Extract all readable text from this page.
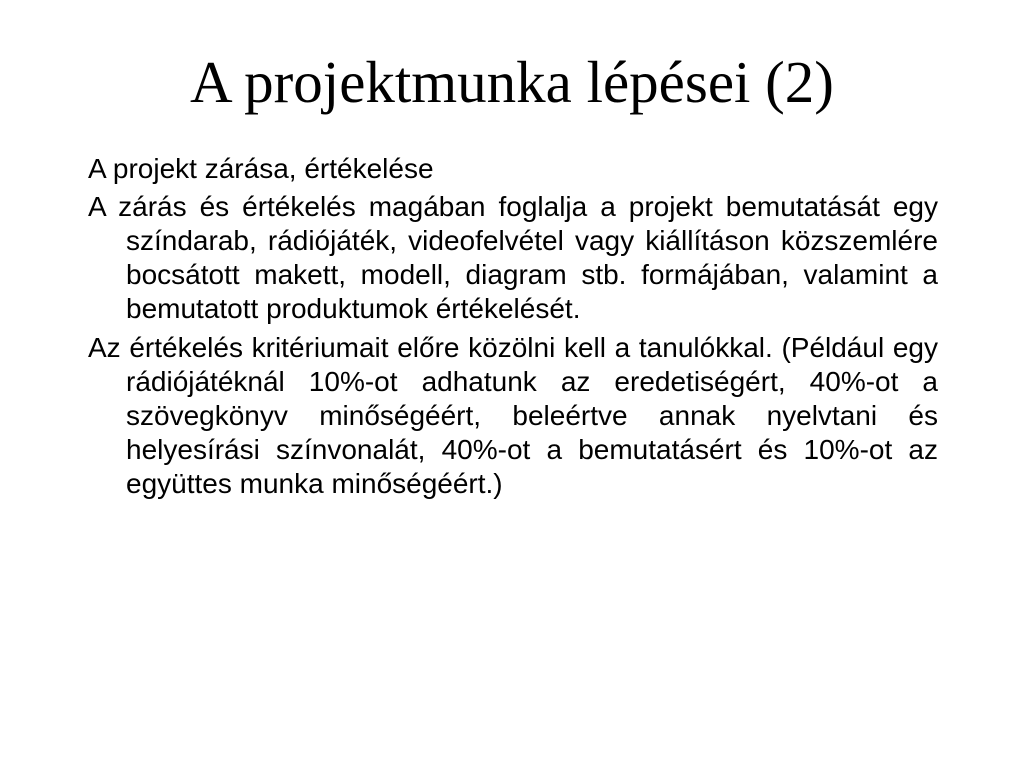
A projektmunka lépései (2)

A projekt zárása, értékelése

A zárás és értékelés magában foglalja a projekt bemutatását egy színdarab, rádiójáték, videofelvétel vagy kiállításon közszemlére bocsátott makett, modell, diagram stb. formájában, valamint a bemutatott produktumok értékelését.

Az értékelés kritériumait előre közölni kell a tanulókkal. (Például egy rádiójátéknál 10%-ot adhatunk az eredetiségért, 40%-ot a szövegkönyv minőségéért, beleértve annak nyelvtani és helyesírási színvonalát, 40%-ot a bemutatásért és 10%-ot az együttes munka minőségéért.)
